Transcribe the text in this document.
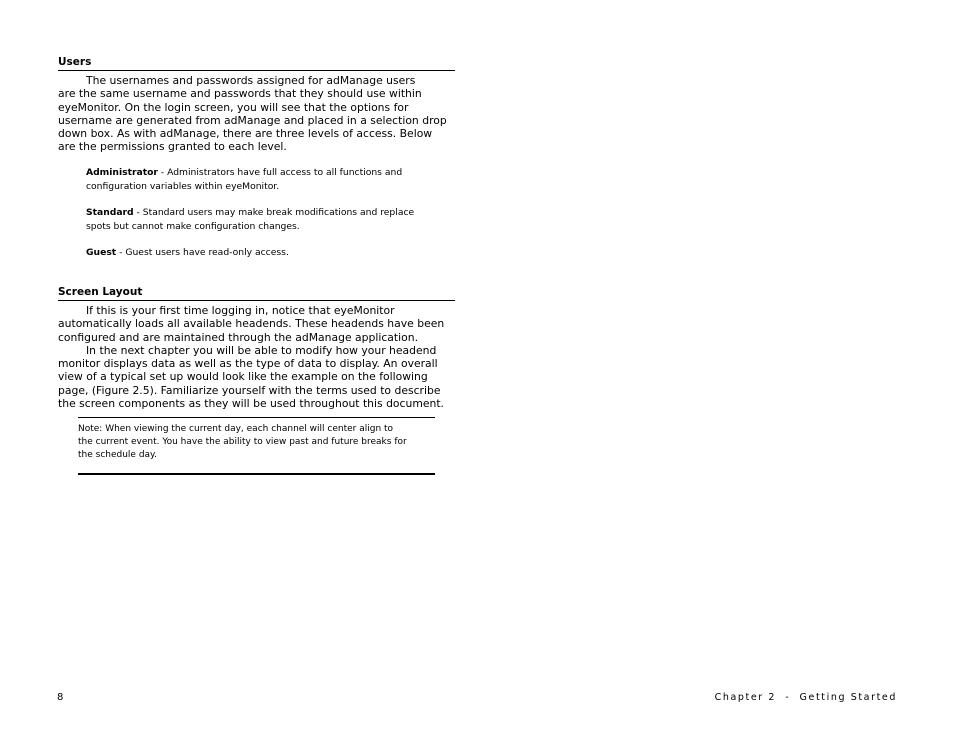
Users

The usernames and passwords assigned for adManage users
are the same username and passwords that they should use within
eyeMonitor. On the login screen, you will see that the options for
username are generated from adManage and placed in a selection drop
down box. As with adManage, there are three levels of access. Below
are the permissions granted to each level.

Administrator - Administrators have full access to all functions and
configuration variables within eyeMonitor.

Standard - Standard users may make break modifications and replace
spots but cannot make configuration changes.

Guest - Guest users have read-only access.

Screen Layout

If this is your first time logging in, notice that eyeMonitor
automatically loads all available headends. These headends have been
configured and are maintained through the adManage application.
In the next chapter you will be able to modify how your headend
monitor displays data as well as the type of data to display. An overall
view of a typical set up would look like the example on the following
page, (Figure 2.5). Familiarize yourself with the terms used to describe
the screen components as they will be used throughout this document.

Note: When viewing the current day, each channel will center align to
the current event. You have the ability to view past and future breaks for
the schedule day.

8	Chapter 2  -  Getting Started
